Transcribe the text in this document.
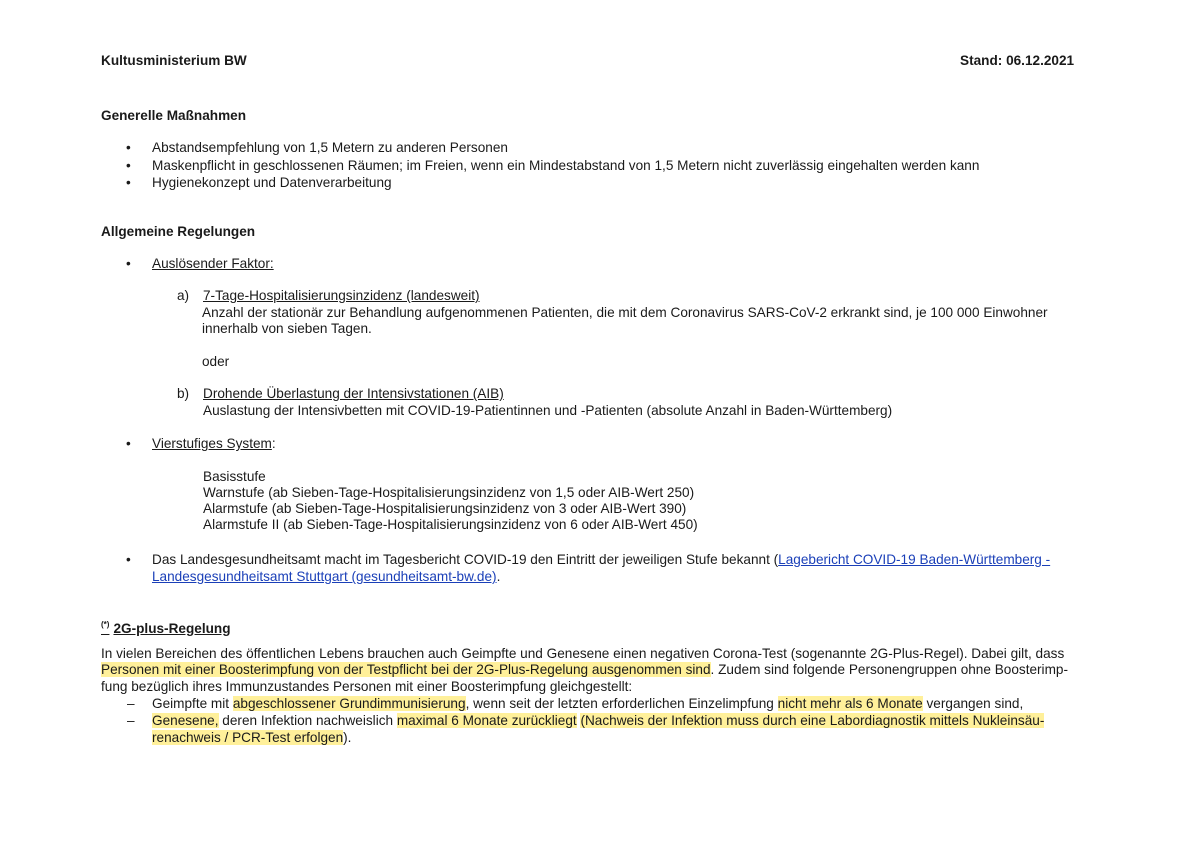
Kultusministerium BW	Stand: 06.12.2021
Generelle Maßnahmen
• Abstandsempfehlung von 1,5 Metern zu anderen Personen
• Maskenpflicht in geschlossenen Räumen; im Freien, wenn ein Mindestabstand von 1,5 Metern nicht zuverlässig eingehalten werden kann
• Hygienekonzept und Datenverarbeitung
Allgemeine Regelungen
• Auslösender Faktor:
a) 7-Tage-Hospitalisierungsinzidenz (landesweit)
Anzahl der stationär zur Behandlung aufgenommenen Patienten, die mit dem Coronavirus SARS-CoV-2 erkrankt sind, je 100 000 Einwohner
innerhalb von sieben Tagen.
oder
b) Drohende Überlastung der Intensivstationen (AIB)
Auslastung der Intensivbetten mit COVID-19-Patientinnen und -Patienten (absolute Anzahl in Baden-Württemberg)
• Vierstufiges System:
Basisstufe
Warnstufe (ab Sieben-Tage-Hospitalisierungsinzidenz von 1,5 oder AIB-Wert 250)
Alarmstufe (ab Sieben-Tage-Hospitalisierungsinzidenz von 3 oder AIB-Wert 390)
Alarmstufe II (ab Sieben-Tage-Hospitalisierungsinzidenz von 6 oder AIB-Wert 450)
• Das Landesgesundheitsamt macht im Tagesbericht COVID-19 den Eintritt der jeweiligen Stufe bekannt (Lagebericht COVID-19 Baden-Württemberg -
Landesgesundheitsamt Stuttgart (gesundheitsamt-bw.de).
(*) 2G-plus-Regelung
In vielen Bereichen des öffentlichen Lebens brauchen auch Geimpfte und Genesene einen negativen Corona-Test (sogenannte 2G-Plus-Regel). Dabei gilt, dass
Personen mit einer Boosterimpfung von der Testpflicht bei der 2G-Plus-Regelung ausgenommen sind. Zudem sind folgende Personengruppen ohne Boosterimp-
fung bezüglich ihres Immunzustandes Personen mit einer Boosterimpfung gleichgestellt:
– Geimpfte mit abgeschlossener Grundimmunisierung, wenn seit der letzten erforderlichen Einzelimpfung nicht mehr als 6 Monate vergangen sind,
– Genesene, deren Infektion nachweislich maximal 6 Monate zurückliegt (Nachweis der Infektion muss durch eine Labordiagnostik mittels Nukleinsäu-
renachweis / PCR-Test erfolgen).
